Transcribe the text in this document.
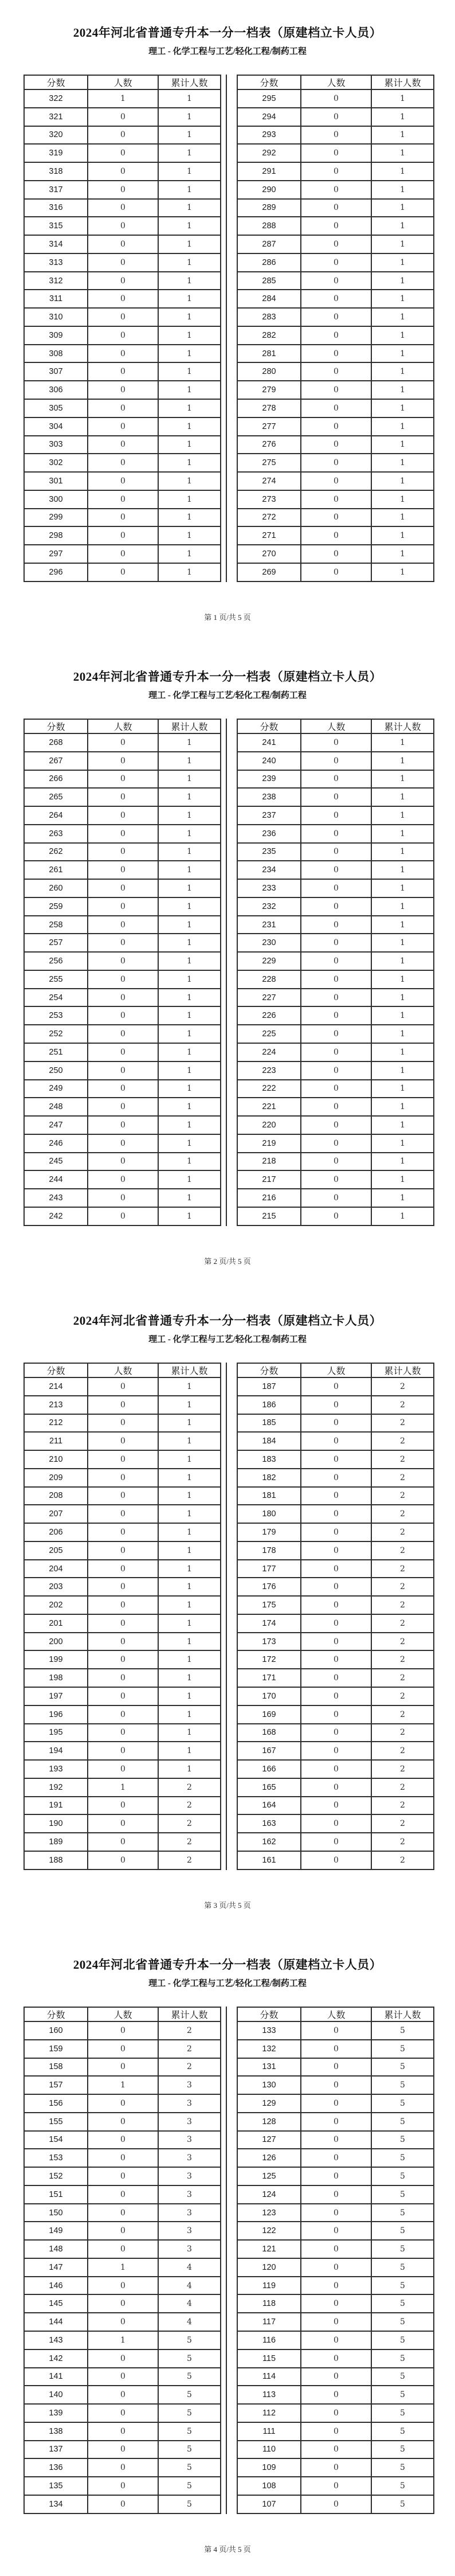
2024年河北省普通专升本一分一档表（原建档立卡人员）
理工 - 化学工程与工艺/轻化工程/制药工程
分数	人数	累计人数
322	1	1
321	0	1
320	0	1
319	0	1
318	0	1
317	0	1
316	0	1
315	0	1
314	0	1
313	0	1
312	0	1
311	0	1
310	0	1
309	0	1
308	0	1
307	0	1
306	0	1
305	0	1
304	0	1
303	0	1
302	0	1
301	0	1
300	0	1
299	0	1
298	0	1
297	0	1
296	0	1
分数	人数	累计人数
295	0	1
294	0	1
293	0	1
292	0	1
291	0	1
290	0	1
289	0	1
288	0	1
287	0	1
286	0	1
285	0	1
284	0	1
283	0	1
282	0	1
281	0	1
280	0	1
279	0	1
278	0	1
277	0	1
276	0	1
275	0	1
274	0	1
273	0	1
272	0	1
271	0	1
270	0	1
269	0	1
第 1 页/共 5 页
2024年河北省普通专升本一分一档表（原建档立卡人员）
理工 - 化学工程与工艺/轻化工程/制药工程
分数	人数	累计人数
268	0	1
267	0	1
266	0	1
265	0	1
264	0	1
263	0	1
262	0	1
261	0	1
260	0	1
259	0	1
258	0	1
257	0	1
256	0	1
255	0	1
254	0	1
253	0	1
252	0	1
251	0	1
250	0	1
249	0	1
248	0	1
247	0	1
246	0	1
245	0	1
244	0	1
243	0	1
242	0	1
分数	人数	累计人数
241	0	1
240	0	1
239	0	1
238	0	1
237	0	1
236	0	1
235	0	1
234	0	1
233	0	1
232	0	1
231	0	1
230	0	1
229	0	1
228	0	1
227	0	1
226	0	1
225	0	1
224	0	1
223	0	1
222	0	1
221	0	1
220	0	1
219	0	1
218	0	1
217	0	1
216	0	1
215	0	1
第 2 页/共 5 页
2024年河北省普通专升本一分一档表（原建档立卡人员）
理工 - 化学工程与工艺/轻化工程/制药工程
分数	人数	累计人数
214	0	1
213	0	1
212	0	1
211	0	1
210	0	1
209	0	1
208	0	1
207	0	1
206	0	1
205	0	1
204	0	1
203	0	1
202	0	1
201	0	1
200	0	1
199	0	1
198	0	1
197	0	1
196	0	1
195	0	1
194	0	1
193	0	1
192	1	2
191	0	2
190	0	2
189	0	2
188	0	2
分数	人数	累计人数
187	0	2
186	0	2
185	0	2
184	0	2
183	0	2
182	0	2
181	0	2
180	0	2
179	0	2
178	0	2
177	0	2
176	0	2
175	0	2
174	0	2
173	0	2
172	0	2
171	0	2
170	0	2
169	0	2
168	0	2
167	0	2
166	0	2
165	0	2
164	0	2
163	0	2
162	0	2
161	0	2
第 3 页/共 5 页
2024年河北省普通专升本一分一档表（原建档立卡人员）
理工 - 化学工程与工艺/轻化工程/制药工程
分数	人数	累计人数
160	0	2
159	0	2
158	0	2
157	1	3
156	0	3
155	0	3
154	0	3
153	0	3
152	0	3
151	0	3
150	0	3
149	0	3
148	0	3
147	1	4
146	0	4
145	0	4
144	0	4
143	1	5
142	0	5
141	0	5
140	0	5
139	0	5
138	0	5
137	0	5
136	0	5
135	0	5
134	0	5
分数	人数	累计人数
133	0	5
132	0	5
131	0	5
130	0	5
129	0	5
128	0	5
127	0	5
126	0	5
125	0	5
124	0	5
123	0	5
122	0	5
121	0	5
120	0	5
119	0	5
118	0	5
117	0	5
116	0	5
115	0	5
114	0	5
113	0	5
112	0	5
111	0	5
110	0	5
109	0	5
108	0	5
107	0	5
第 4 页/共 5 页
